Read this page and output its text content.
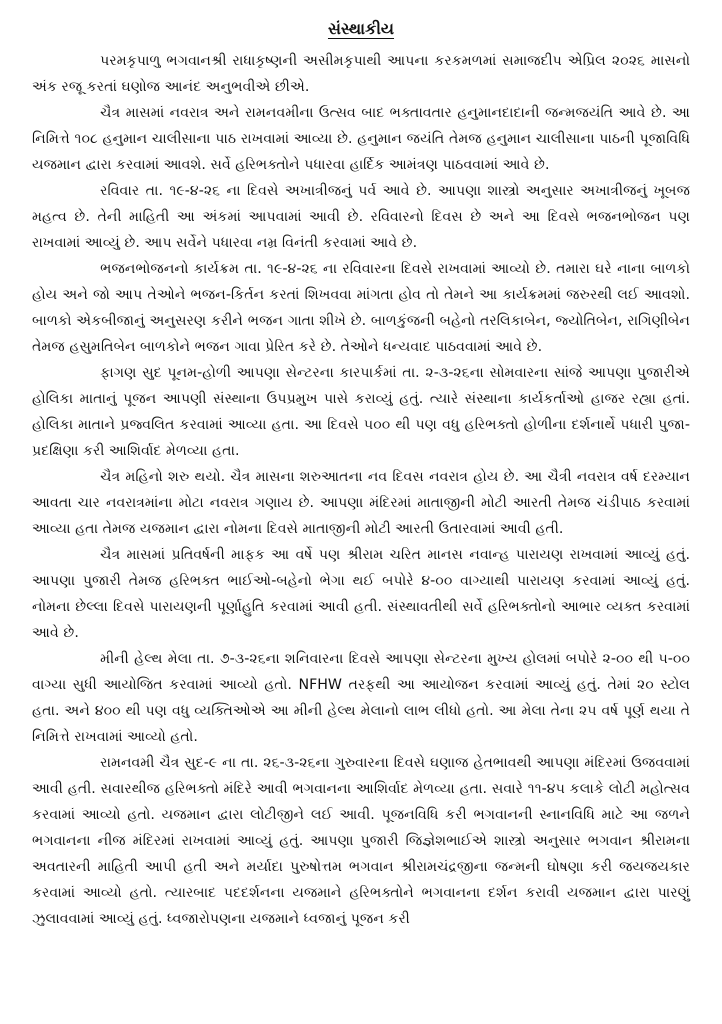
સંસ્થાકીય

પરમકૃપાળુ ભગવાનશ્રી રાધાકૃષ્ણની અસીમકૃપાથી આપના કરકમળમાં સમાજદીપ એપ્રિલ ૨૦૨૬ માસનો અંક રજૂ કરતાં ઘણોજ આનંદ અનુભવીએ છીએ.

ચૈત્ર માસમાં નવરાત્ર અને રામનવમીના ઉત્સવ બાદ ભક્તાવતાર હનુમાનદાદાની જન્મજયંતિ આવે છે. આ નિમિત્તે ૧૦૮ હનુમાન ચાલીસાના પાઠ રાખવામાં આવ્યા છે. હનુમાન જયંતિ તેમજ હનુમાન ચાલીસાના પાઠની પૂજાવિધિ યજમાન દ્વારા કરવામાં આવશે. સર્વે હરિભક્તોને પધારવા હાર્દિક આમંત્રણ પાઠવવામાં આવે છે.

રવિવાર તા. ૧૯-૪-૨૬ ના દિવસે અખાત્રીજનું પર્વ આવે છે. આપણા શાસ્ત્રો અનુસાર અખાત્રીજનું ખૂબજ મહત્વ છે. તેની માહિતી આ અંકમાં આપવામાં આવી છે. રવિવારનો દિવસ છે અને આ દિવસે ભજનભોજન પણ રાખવામાં આવ્યું છે. આપ સર્વેને પધારવા નમ્ર વિનંતી કરવામાં આવે છે.

ભજનભોજનનો કાર્યક્રમ તા. ૧૯-૪-૨૬ ના રવિવારના દિવસે રાખવામાં આવ્યો છે. તમારા ઘરે નાના બાળકો હોય અને જો આપ તેઓને ભજન-કિર્તન કરતાં શિખવવા માંગતા હોવ તો તેમને આ કાર્યક્રમમાં જરુરથી લઈ આવશો. બાળકો એકબીજાનું અનુસરણ કરીને ભજન ગાતા શીખે છે. બાળકુંજની બહેનો તરલિકાબેન, જ્યોતિબેન, રાગિણીબેન તેમજ હસુમતિબેન બાળકોને ભજન ગાવા પ્રેરિત કરે છે. તેઓને ધન્યવાદ પાઠવવામાં આવે છે.

ફાગણ સુદ પૂનમ-હોળી આપણા સેન્ટરના કારપાર્કમાં તા. ૨-૩-૨૬ના સોમવારના સાંજે આપણા પુજારીએ હોલિકા માતાનું પૂજન આપણી સંસ્થાના ઉપપ્રમુખ પાસે કરાવ્યું હતું. ત્યારે સંસ્થાના કાર્યકર્તાઓ હાજર રહ્યા હતાં. હોલિકા માતાને પ્રજ્વલિત કરવામાં આવ્યા હતા. આ દિવસે ૫૦૦ થી પણ વધુ હરિભક્તો હોળીના દર્શનાર્થે પધારી પુજા-પ્રદક્ષિણા કરી આશિર્વાદ મેળવ્યા હતા.

ચૈત્ર મહિનો શરુ થયો. ચૈત્ર માસના શરુઆતના નવ દિવસ નવરાત્ર હોય છે. આ ચૈત્રી નવરાત્ર વર્ષ દરમ્યાન આવતા ચાર નવરાત્રમાંના મોટા નવરાત્ર ગણાય છે. આપણા મંદિરમાં માતાજીની મોટી આરતી તેમજ ચંડીપાઠ કરવામાં આવ્યા હતા તેમજ યજમાન દ્વારા નોમના દિવસે માતાજીની મોટી આરતી ઉતારવામાં આવી હતી.

ચૈત્ર માસમાં પ્રતિવર્ષની માફક આ વર્ષે પણ શ્રીરામ ચરિત માનસ નવાન્હ પારાયણ રાખવામાં આવ્યું હતું. આપણા પુજારી તેમજ હરિભક્ત ભાઈઓ-બહેનો ભેગા થઈ બપોરે ૪-૦૦ વાગ્યાથી પારાયણ કરવામાં આવ્યું હતું. નોમના છેલ્લા દિવસે પારાયણની પૂર્ણાહુતિ કરવામાં આવી હતી. સંસ્થાવતીથી સર્વે હરિભક્તોનો આભાર વ્યક્ત કરવામાં આવે છે.

મીની હેલ્થ મેલા તા. ૭-૩-૨૬ના શનિવારના દિવસે આપણા સેન્ટરના મુખ્ય હોલમાં બપોરે ૨-૦૦ થી ૫-૦૦ વાગ્યા સુધી આયોજિત કરવામાં આવ્યો હતો. NFHW તરફથી આ આયોજન કરવામાં આવ્યું હતું. તેમાં ૨૦ સ્ટોલ હતા. અને ૪૦૦ થી પણ વધુ વ્યક્તિઓએ આ મીની હેલ્થ મેલાનો લાભ લીધો હતો. આ મેલા તેના ૨૫ વર્ષ પૂર્ણ થયા તે નિમિત્તે રાખવામાં આવ્યો હતો.

રામનવમી ચૈત્ર સુદ-૯ ના તા. ૨૬-૩-૨૬ના ગુરુવારના દિવસે ઘણાજ હેતભાવથી આપણા મંદિરમાં ઉજવવામાં આવી હતી. સવારથીજ હરિભક્તો મંદિરે આવી ભગવાનના આશિર્વાદ મેળવ્યા હતા. સવારે ૧૧-૪૫ કલાકે લોટી મહોત્સવ કરવામાં આવ્યો હતો. યજમાન દ્વારા લોટીજીને લઈ આવી. પૂજનવિધિ કરી ભગવાનની સ્નાનવિધિ માટે આ જળને ભગવાનના નીજ મંદિરમાં રાખવામાં આવ્યું હતું. આપણા પુજારી જિજ્ઞેશભાઈએ શાસ્ત્રો અનુસાર ભગવાન શ્રીરામના અવતારની માહિતી આપી હતી અને મર્યાદા પુરુષોત્તમ ભગવાન શ્રીરામચંદ્રજીના જન્મની ઘોષણા કરી જયજયકાર કરવામાં આવ્યો હતો. ત્યારબાદ પદદર્શનના યજમાને હરિભક્તોને ભગવાનના દર્શન કરાવી યજમાન દ્વારા પારણું ઝુલાવવામાં આવ્યું હતું. ધ્વજારોપણના યજમાને ધ્વજાનું પૂજન કરી
